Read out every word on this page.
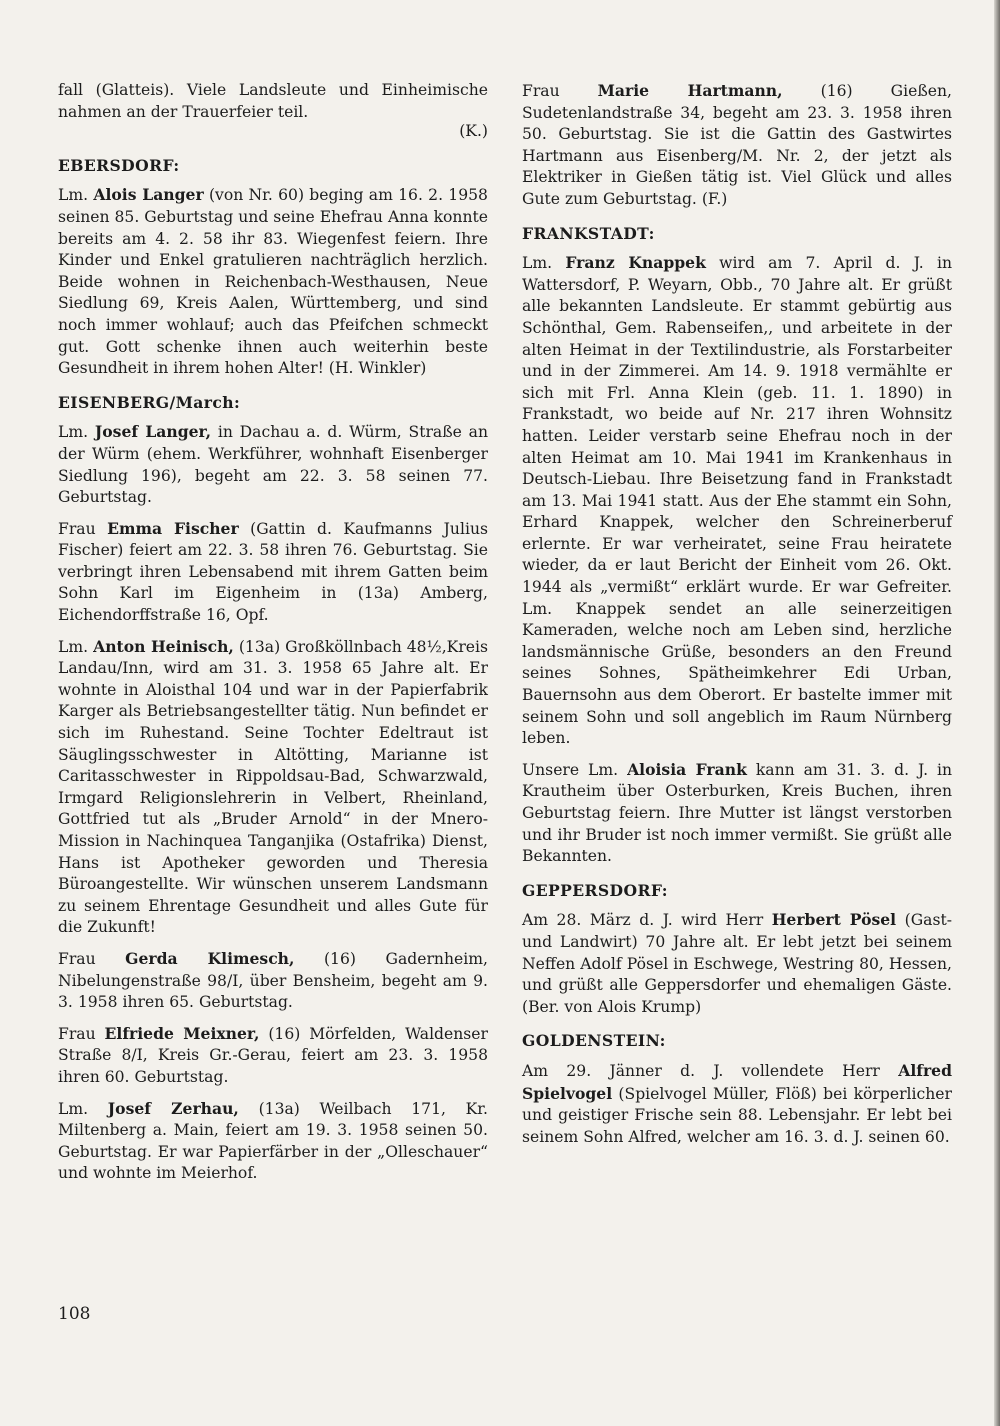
fall (Glatteis). Viele Landsleute und Einheimische nahmen an der Trauerfeier teil.
(K.)

EBERSDORF:

Lm. Alois Langer (von Nr. 60) beging am 16. 2. 1958 seinen 85. Geburtstag und seine Ehefrau Anna konnte bereits am 4. 2. 58 ihr 83. Wiegenfest feiern. Ihre Kinder und Enkel gratulieren nachträglich herzlich. Beide wohnen in Reichenbach-Westhausen, Neue Siedlung 69, Kreis Aalen, Württemberg, und sind noch immer wohlauf; auch das Pfeifchen schmeckt gut. Gott schenke ihnen auch weiterhin beste Gesundheit in ihrem hohen Alter! (H. Winkler)

EISENBERG/March:

Lm. Josef Langer, in Dachau a. d. Würm, Straße an der Würm (ehem. Werkführer, wohnhaft Eisenberger Siedlung 196), begeht am 22. 3. 58 seinen 77. Geburtstag.

Frau Emma Fischer (Gattin d. Kaufmanns Julius Fischer) feiert am 22. 3. 58 ihren 76. Geburtstag. Sie verbringt ihren Lebensabend mit ihrem Gatten beim Sohn Karl im Eigenheim in (13a) Amberg, Eichendorffstraße 16, Opf.

Lm. Anton Heinisch, (13a) Großköllnbach 48½,Kreis Landau/Inn, wird am 31. 3. 1958 65 Jahre alt. Er wohnte in Aloisthal 104 und war in der Papierfabrik Karger als Betriebsangestellter tätig. Nun befindet er sich im Ruhestand. Seine Tochter Edeltraut ist Säuglingsschwester in Altötting, Marianne ist Caritasschwester in Rippoldsau-Bad, Schwarzwald, Irmgard Religionslehrerin in Velbert, Rheinland, Gottfried tut als „Bruder Arnold“ in der Mnero-Mission in Nachinquea Tanganjika (Ostafrika) Dienst, Hans ist Apotheker geworden und Theresia Büroangestellte. Wir wünschen unserem Landsmann zu seinem Ehrentage Gesundheit und alles Gute für die Zukunft!

Frau Gerda Klimesch, (16) Gadernheim, Nibelungenstraße 98/I, über Bensheim, begeht am 9. 3. 1958 ihren 65. Geburtstag.

Frau Elfriede Meixner, (16) Mörfelden, Waldenser Straße 8/I, Kreis Gr.-Gerau, feiert am 23. 3. 1958 ihren 60. Geburtstag.

Lm. Josef Zerhau, (13a) Weilbach 171, Kr. Miltenberg a. Main, feiert am 19. 3. 1958 seinen 50. Geburtstag. Er war Papierfärber in der „Olleschauer“ und wohnte im Meierhof.

Frau Marie Hartmann, (16) Gießen, Sudetenlandstraße 34, begeht am 23. 3. 1958 ihren 50. Geburtstag. Sie ist die Gattin des Gastwirtes Hartmann aus Eisenberg/M. Nr. 2, der jetzt als Elektriker in Gießen tätig ist. Viel Glück und alles Gute zum Geburtstag. (F.)

FRANKSTADT:

Lm. Franz Knappek wird am 7. April d. J. in Wattersdorf, P. Weyarn, Obb., 70 Jahre alt. Er grüßt alle bekannten Landsleute. Er stammt gebürtig aus Schönthal, Gem. Rabenseifen,, und arbeitete in der alten Heimat in der Textilindustrie, als Forstarbeiter und in der Zimmerei. Am 14. 9. 1918 vermählte er sich mit Frl. Anna Klein (geb. 11. 1. 1890) in Frankstadt, wo beide auf Nr. 217 ihren Wohnsitz hatten. Leider verstarb seine Ehefrau noch in der alten Heimat am 10. Mai 1941 im Krankenhaus in Deutsch-Liebau. Ihre Beisetzung fand in Frankstadt am 13. Mai 1941 statt. Aus der Ehe stammt ein Sohn, Erhard Knappek, welcher den Schreinerberuf erlernte. Er war verheiratet, seine Frau heiratete wieder, da er laut Bericht der Einheit vom 26. Okt. 1944 als „vermißt“ erklärt wurde. Er war Gefreiter. Lm. Knappek sendet an alle seinerzeitigen Kameraden, welche noch am Leben sind, herzliche landsmännische Grüße, besonders an den Freund seines Sohnes, Spätheimkehrer Edi Urban, Bauernsohn aus dem Oberort. Er bastelte immer mit seinem Sohn und soll angeblich im Raum Nürnberg leben.

Unsere Lm. Aloisia Frank kann am 31. 3. d. J. in Krautheim über Osterburken, Kreis Buchen, ihren Geburtstag feiern. Ihre Mutter ist längst verstorben und ihr Bruder ist noch immer vermißt. Sie grüßt alle Bekannten.

GEPPERSDORF:

Am 28. März d. J. wird Herr Herbert Pösel (Gast- und Landwirt) 70 Jahre alt. Er lebt jetzt bei seinem Neffen Adolf Pösel in Eschwege, Westring 80, Hessen, und grüßt alle Geppersdorfer und ehemaligen Gäste. (Ber. von Alois Krump)

GOLDENSTEIN:

Am 29. Jänner d. J. vollendete Herr Alfred Spielvogel (Spielvogel Müller, Flöß) bei körperlicher und geistiger Frische sein 88. Lebensjahr. Er lebt bei seinem Sohn Alfred, welcher am 16. 3. d. J. seinen 60.

108
